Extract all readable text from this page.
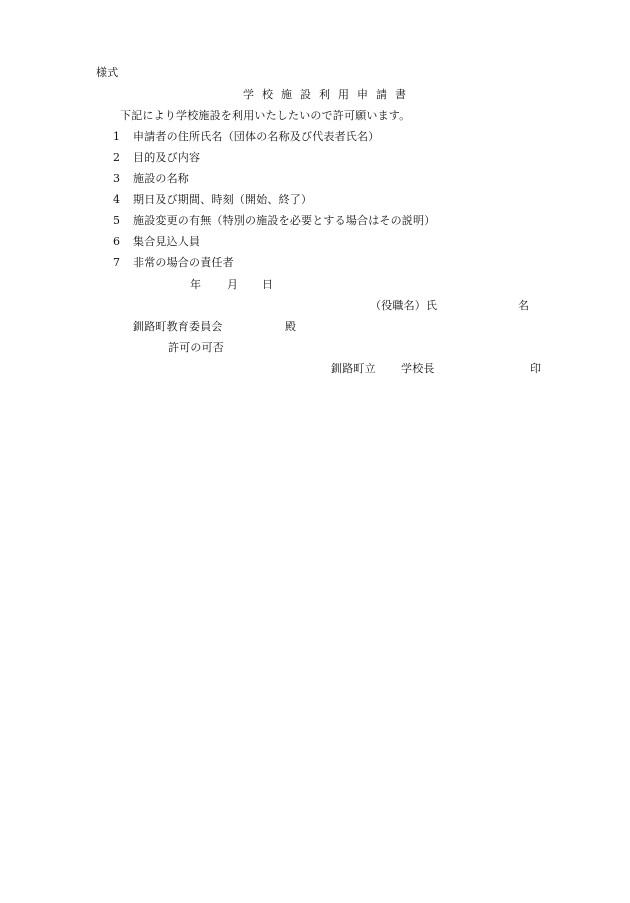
様式
学校施設利用申請書
下記により学校施設を利用いたしたいので許可願います。
1 申請者の住所氏名（団体の名称及び代表者氏名）
2 目的及び内容
3 施設の名称
4 期日及び期間、時刻（開始、終了）
5 施設変更の有無（特別の施設を必要とする場合はその説明）
6 集合見込人員
7 非常の場合の責任者
年 月 日
（役職名）氏	名
釧路町教育委員会	殿
許可の可否
釧路町立 学校長	印
